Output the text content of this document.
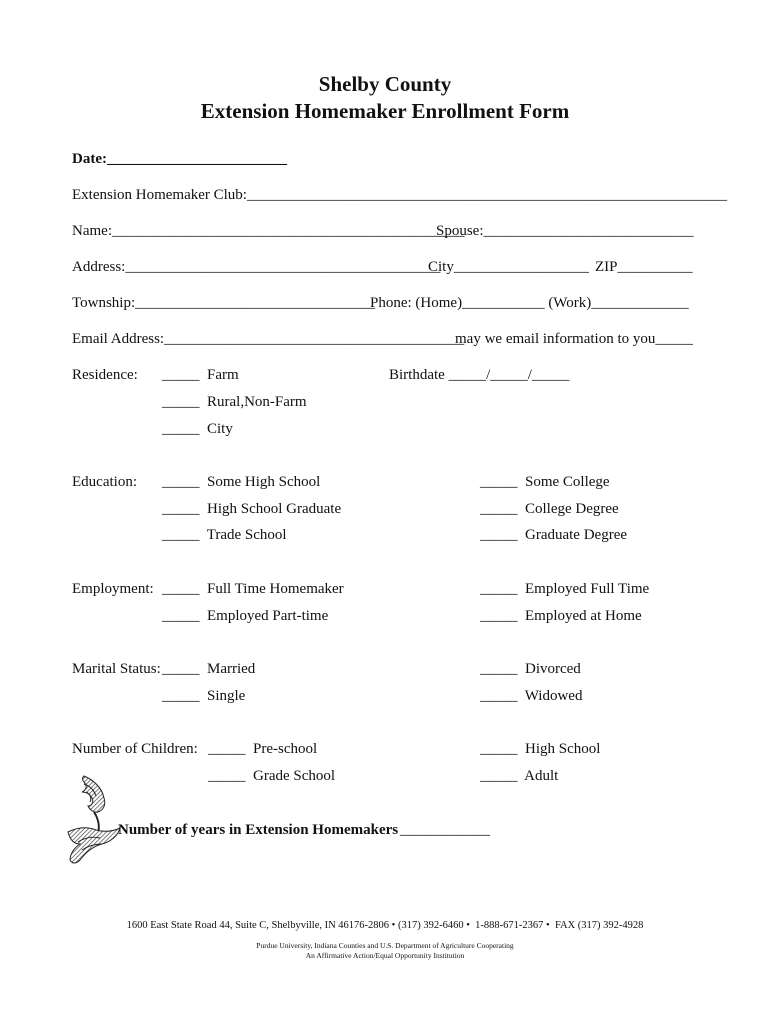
Shelby County
Extension Homemaker Enrollment Form
Date:________________________
Extension Homemaker Club:________________________________________________________________
Name:_______________________________________________
Spouse:____________________________
Address:__________________________________________
City__________________ ZIP__________
Township:________________________________
Phone: (Home)___________ (Work)_____________
Email Address:________________________________________
may we email information to you_____
Residence: _____  Farm
_____  Rural,Non-Farm
_____  City
Birthdate _____/_____/_____
Education: _____  Some High School
_____  High School Graduate
_____  Trade School
_____  Some College
_____  College Degree
_____  Graduate Degree
Employment: _____  Full Time Homemaker
_____  Employed Part-time
_____  Employed Full Time
_____  Employed at Home
Marital Status: _____  Married
_____  Single
_____  Divorced
_____  Widowed
Number of Children: _____  Pre-school
_____  Grade School
_____  High School
_____  Adult
Number of years in Extension Homemakers ____________
1600 East State Road 44, Suite C, Shelbyville, IN 46176-2806 • (317) 392-6460 •  1-888-671-2367 •  FAX (317) 392-4928
Purdue University, Indiana Counties and U.S. Department of Agriculture Cooperating
An Affirmative Action/Equal Opportunity Institution
